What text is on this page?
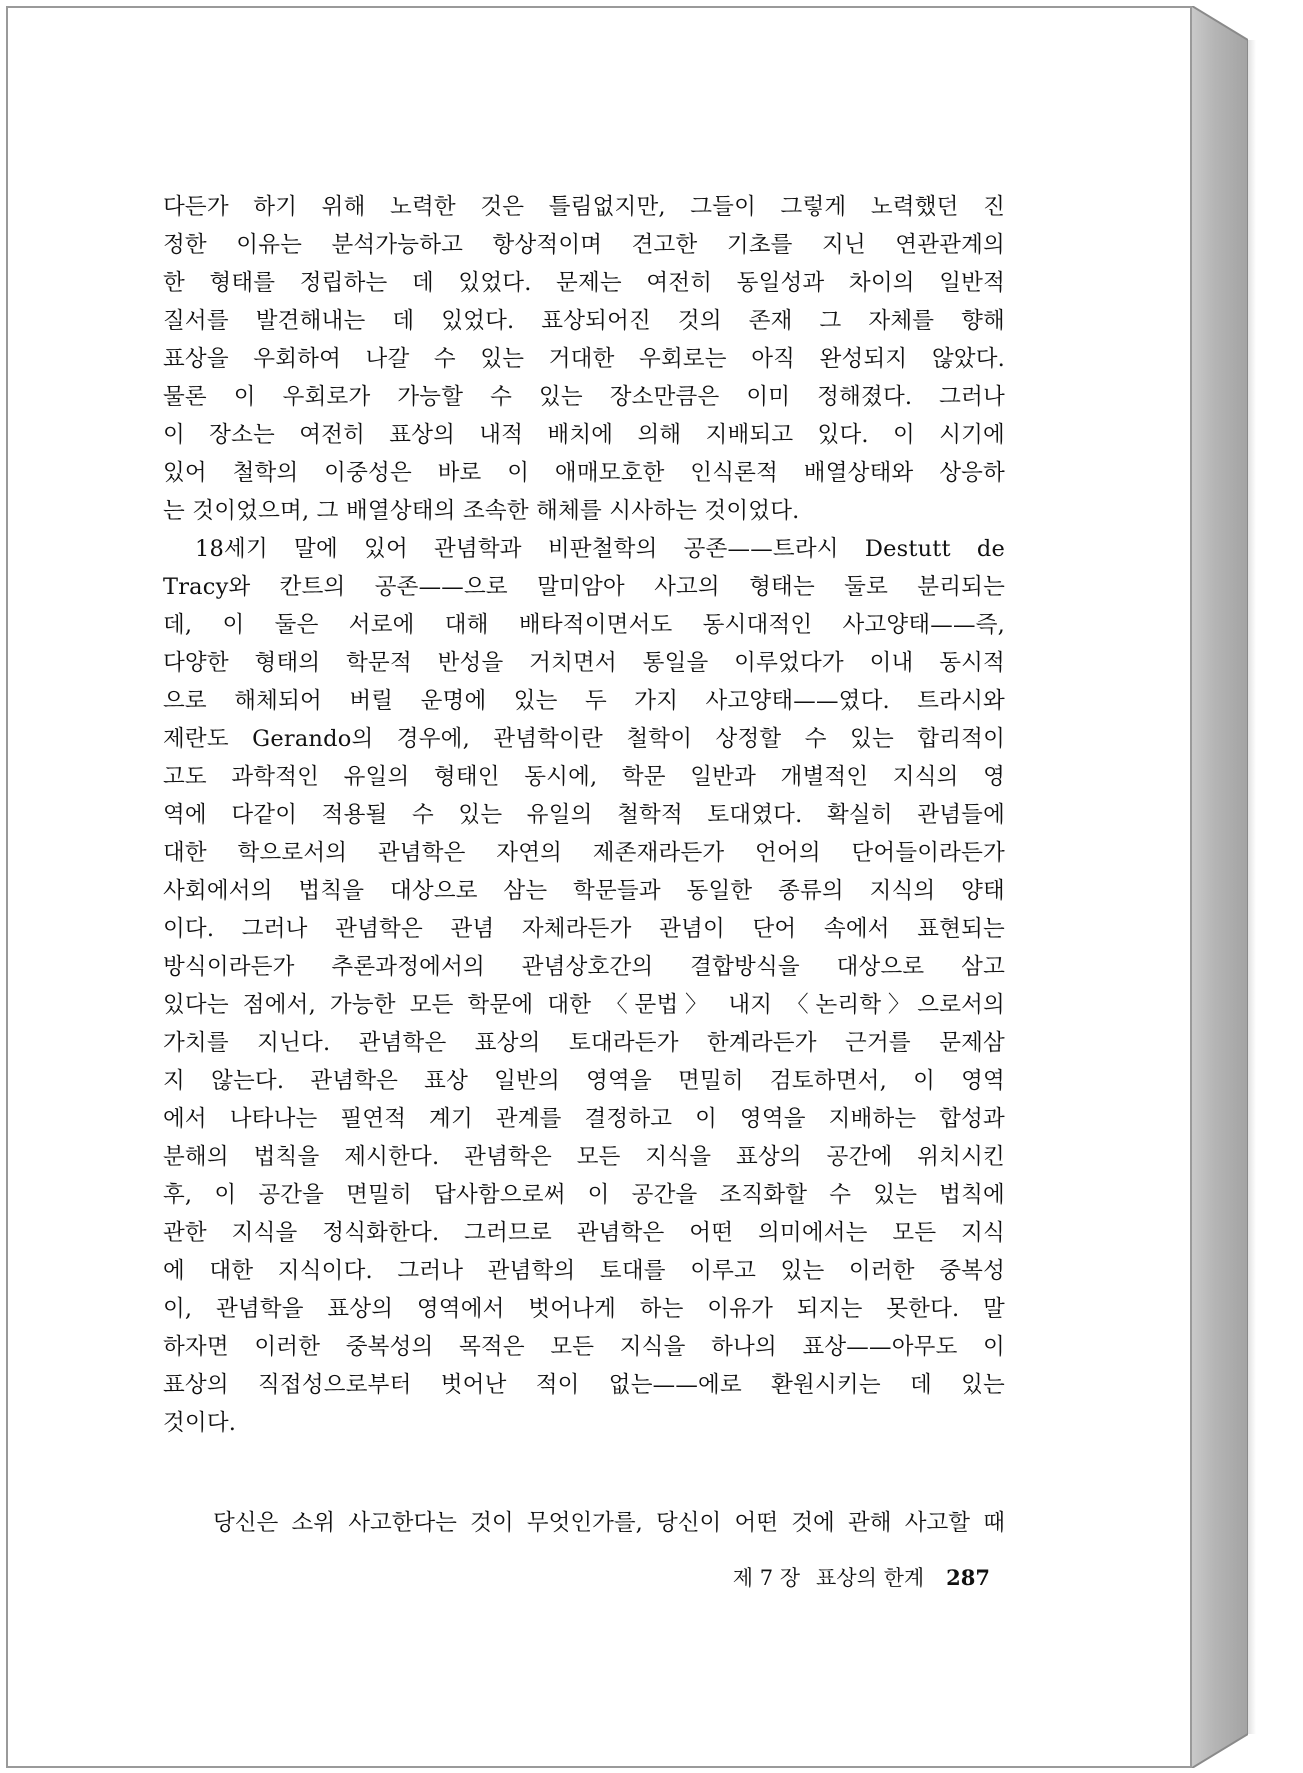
다든가 하기 위해 노력한 것은 틀림없지만, 그들이 그렇게 노력했던 진
정한 이유는 분석가능하고 항상적이며 견고한 기초를 지닌 연관관계의
한 형태를 정립하는 데 있었다. 문제는 여전히 동일성과 차이의 일반적
질서를 발견해내는 데 있었다. 표상되어진 것의 존재 그 자체를 향해
표상을 우회하여 나갈 수 있는 거대한 우회로는 아직 완성되지 않았다.
물론 이 우회로가 가능할 수 있는 장소만큼은 이미 정해졌다. 그러나
이 장소는 여전히 표상의 내적 배치에 의해 지배되고 있다. 이 시기에
있어 철학의 이중성은 바로 이 애매모호한 인식론적 배열상태와 상응하
는 것이었으며, 그 배열상태의 조속한 해체를 시사하는 것이었다.
18세기 말에 있어 관념학과 비판철학의 공존——트라시 Destutt de
Tracy와 칸트의 공존——으로 말미암아 사고의 형태는 둘로 분리되는
데, 이 둘은 서로에 대해 배타적이면서도 동시대적인 사고양태——즉,
다양한 형태의 학문적 반성을 거치면서 통일을 이루었다가 이내 동시적
으로 해체되어 버릴 운명에 있는 두 가지 사고양태——였다. 트라시와
제란도 Gerando의 경우에, 관념학이란 철학이 상정할 수 있는 합리적이
고도 과학적인 유일의 형태인 동시에, 학문 일반과 개별적인 지식의 영
역에 다같이 적용될 수 있는 유일의 철학적 토대였다. 확실히 관념들에
대한 학으로서의 관념학은 자연의 제존재라든가 언어의 단어들이라든가
사회에서의 법칙을 대상으로 삼는 학문들과 동일한 종류의 지식의 양태
이다. 그러나 관념학은 관념 자체라든가 관념이 단어 속에서 표현되는
방식이라든가 추론과정에서의 관념상호간의 결합방식을 대상으로 삼고
있다는 점에서, 가능한 모든 학문에 대한 〈문법〉 내지 〈논리학〉으로서의
가치를 지닌다. 관념학은 표상의 토대라든가 한계라든가 근거를 문제삼
지 않는다. 관념학은 표상 일반의 영역을 면밀히 검토하면서, 이 영역
에서 나타나는 필연적 계기 관계를 결정하고 이 영역을 지배하는 합성과
분해의 법칙을 제시한다. 관념학은 모든 지식을 표상의 공간에 위치시킨
후, 이 공간을 면밀히 답사함으로써 이 공간을 조직화할 수 있는 법칙에
관한 지식을 정식화한다. 그러므로 관념학은 어떤 의미에서는 모든 지식
에 대한 지식이다. 그러나 관념학의 토대를 이루고 있는 이러한 중복성
이, 관념학을 표상의 영역에서 벗어나게 하는 이유가 되지는 못한다. 말
하자면 이러한 중복성의 목적은 모든 지식을 하나의 표상——아무도 이
표상의 직접성으로부터 벗어난 적이 없는——에로 환원시키는 데 있는
것이다.
당신은 소위 사고한다는 것이 무엇인가를, 당신이 어떤 것에 관해 사고할 때
제 7 장 표상의 한계 287
